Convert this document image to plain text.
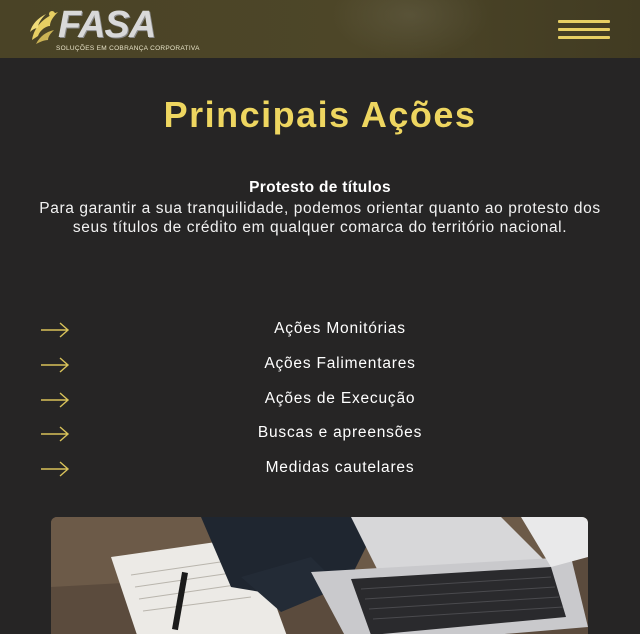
FASA
SOLUÇÕES EM COBRANÇA CORPORATIVA
Principais Ações
Protesto de títulos

Para garantir a sua tranquilidade, podemos orientar quanto ao protesto dos seus títulos de crédito em qualquer comarca do território nacional.

Ações Monitórias
Ações Falimentares
Ações de Execução
Buscas e apreensões
Medidas cautelares
